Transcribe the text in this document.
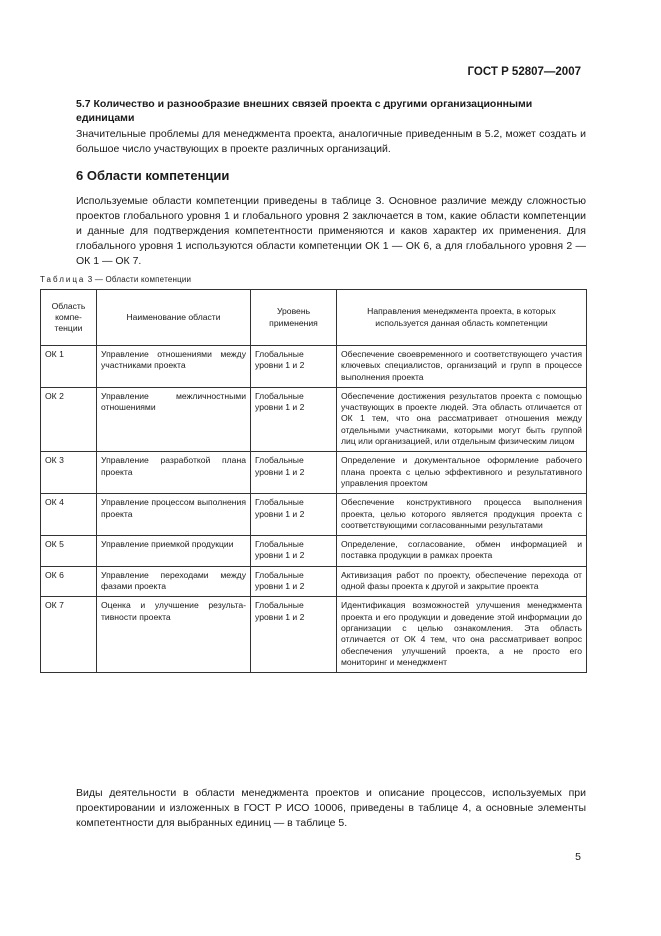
ГОСТ Р 52807—2007
5.7 Количество и разнообразие внешних связей проекта с другими организационными единицами
Значительные проблемы для менеджмента проекта, аналогичные приведенным в 5.2, может создать и большое число участвующих в проекте различных организаций.
6 Области компетенции
Используемые области компетенции приведены в таблице 3. Основное различие между сложностью проектов глобального уровня 1 и глобального уровня 2 заключается в том, какие области компетенции и данные для подтверждения компетентности применяются и каков характер их применения. Для глобального уровня 1 используются области компетенции ОК 1 — ОК 6, а для глобального уровня 2 — ОК 1 — ОК 7.
Таблица 3 — Области компетенции
Область компетенции	Наименование области	Уровень применения	Направления менеджмента проекта, в которых используется данная область компетенции
ОК 1	Управление отношениями между участниками проекта	Глобальные уровни 1 и 2	Обеспечение своевременного и соответствующего участия ключевых специалистов, организаций и групп в процессе выполнения проекта
ОК 2	Управление межличностными отношениями	Глобальные уровни 1 и 2	Обеспечение достижения результатов проекта с помощью участвующих в проекте людей. Эта область отличается от ОК 1 тем, что она рассматривает отношения между отдельными участниками, которыми могут быть группой лиц или организацией, или отдельным физическим лицом
ОК 3	Управление разработкой плана проекта	Глобальные уровни 1 и 2	Определение и документальное оформление рабочего плана проекта с целью эффективного и результативного управления проектом
ОК 4	Управление процессом выполнения проекта	Глобальные уровни 1 и 2	Обеспечение конструктивного процесса выполнения проекта, целью которого является продукция проекта с соответствующими согласованными результатами
ОК 5	Управление приемкой продукции	Глобальные уровни 1 и 2	Определение, согласование, обмен информацией и поставка продукции в рамках проекта
ОК 6	Управление переходами между фазами проекта	Глобальные уровни 1 и 2	Активизация работ по проекту, обеспечение перехода от одной фазы проекта к другой и закрытие проекта
ОК 7	Оценка и улучшение результативности проекта	Глобальные уровни 1 и 2	Идентификация возможностей улучшения менеджмента проекта и его продукции и доведение этой информации до организации с целью ознакомления. Эта область отличается от ОК 4 тем, что она рассматривает вопрос обеспечения улучшений проекта, а не просто его мониторинг и менеджмент
Виды деятельности в области менеджмента проектов и описание процессов, используемых при проектировании и изложенных в ГОСТ Р ИСО 10006, приведены в таблице 4, а основные элементы компетентности для выбранных единиц — в таблице 5.
5
